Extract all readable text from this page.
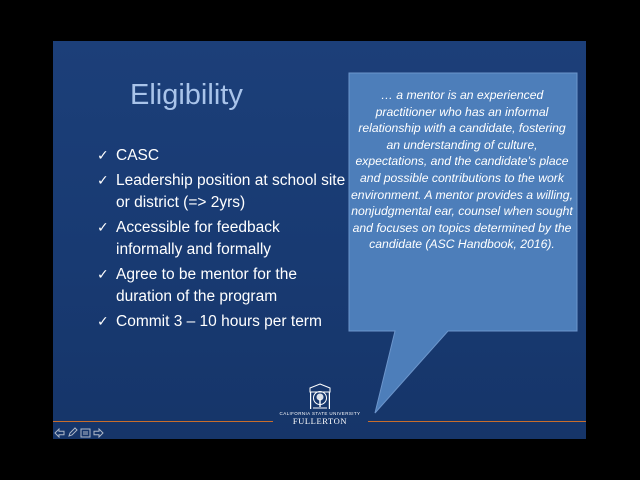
Eligibility
✓ CASC
✓ Leadership position at school site or district (=> 2yrs)
✓ Accessible for feedback informally and formally
✓ Agree to be mentor for the duration of the program
✓ Commit 3 – 10 hours per term
… a mentor is an experienced practitioner who has an informal relationship with a candidate, fostering an understanding of culture, expectations, and the candidate's place and possible contributions to the work environment. A mentor provides a willing, nonjudgmental ear, counsel when sought and focuses on topics determined by the candidate (ASC Handbook, 2016).
CALIFORNIA STATE UNIVERSITY
FULLERTON
